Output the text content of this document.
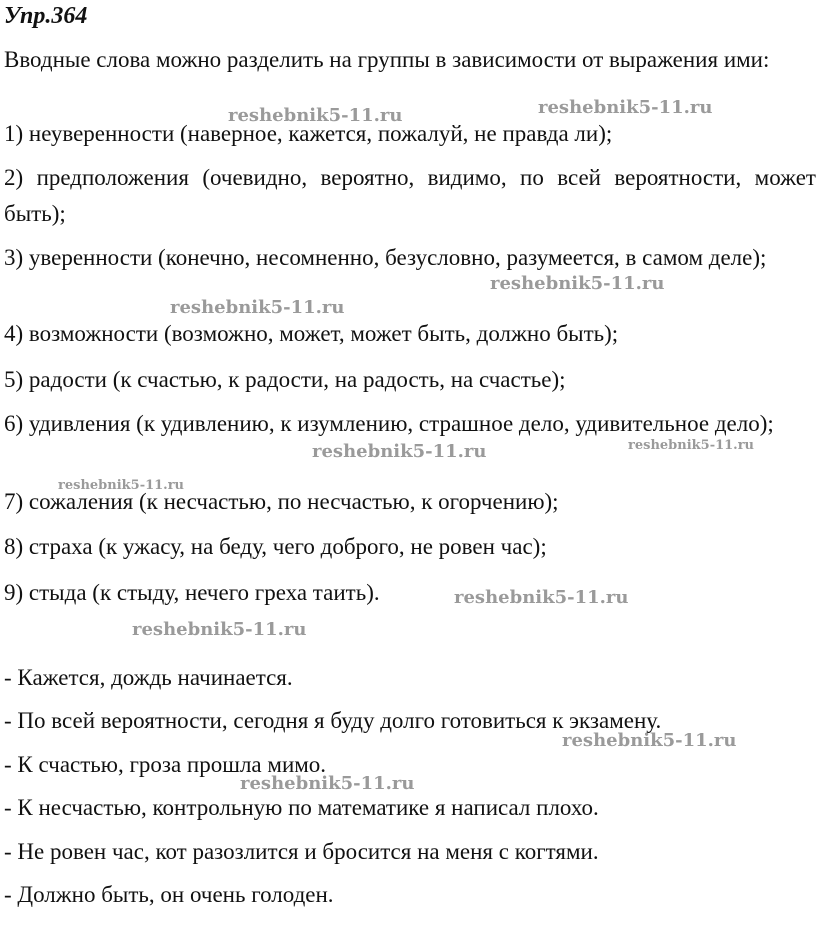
Упр.364

Вводные слова можно разделить на группы в зависимости от выражения ими:

1) неуверенности (наверное, кажется, пожалуй, не правда ли);

2) предположения (очевидно, вероятно, видимо, по всей вероятности, может быть);

3) уверенности (конечно, несомненно, безусловно, разумеется, в самом деле);

4) возможности (возможно, может, может быть, должно быть);

5) радости (к счастью, к радости, на радость, на счастье);

6) удивления (к удивлению, к изумлению, страшное дело, удивительное дело);

7) сожаления (к несчастью, по несчастью, к огорчению);

8) страха (к ужасу, на беду, чего доброго, не ровен час);

9) стыда (к стыду, нечего греха таить).

- Кажется, дождь начинается.

- По всей вероятности, сегодня я буду долго готовиться к экзамену.

- К счастью, гроза прошла мимо.

- К несчастью, контрольную по математике я написал плохо.

- Не ровен час, кот разозлится и бросится на меня с когтями.

- Должно быть, он очень голоден.

reshebnik5-11.ru	reshebnik5-11.ru
reshebnik5-11.ru
reshebnik5-11.ru
reshebnik5-11.ru	reshebnik5-11.ru
reshebnik5-11.ru
reshebnik5-11.ru
reshebnik5-11.ru
reshebnik5-11.ru
reshebnik5-11.ru
